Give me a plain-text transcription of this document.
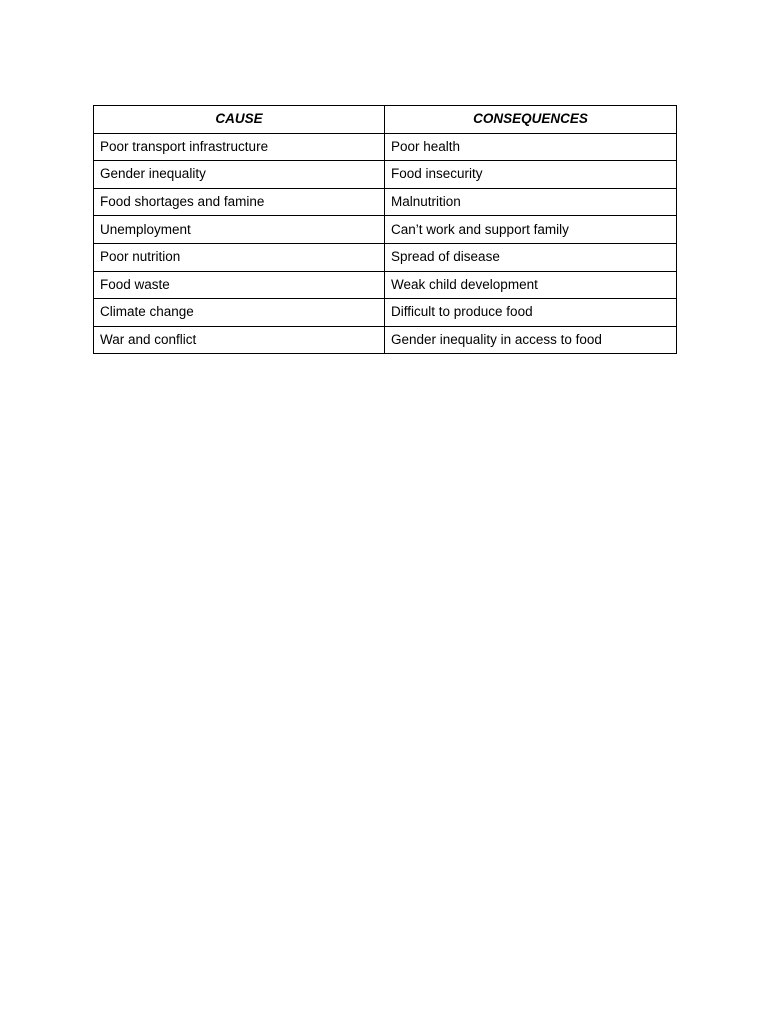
CAUSE	CONSEQUENCES
Poor transport infrastructure	Poor health
Gender inequality	Food insecurity
Food shortages and famine	Malnutrition
Unemployment	Can’t work and support family
Poor nutrition	Spread of disease
Food waste	Weak child development
Climate change	Difficult to produce food
War and conflict	Gender inequality in access to food
